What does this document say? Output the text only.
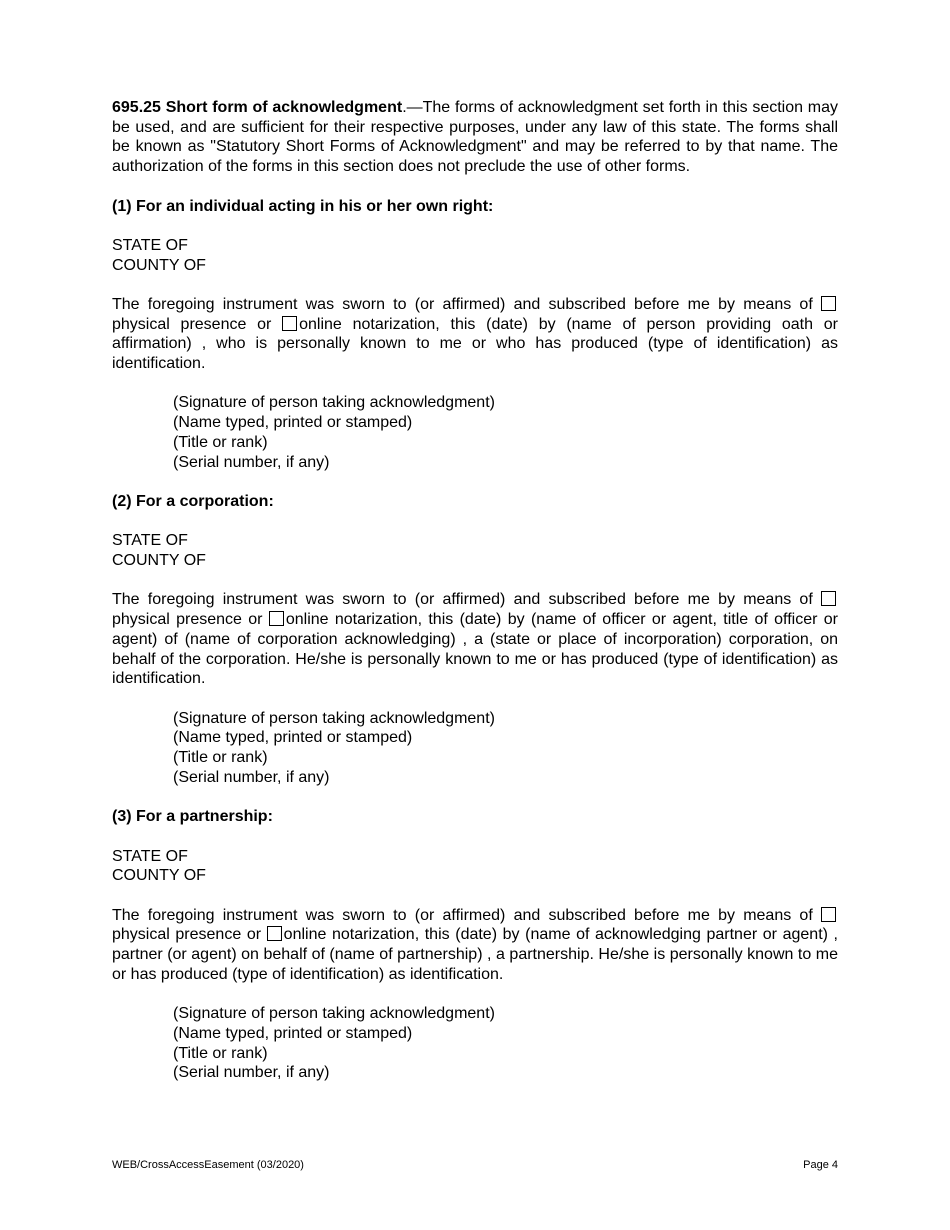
695.25 Short form of acknowledgment.—The forms of acknowledgment set forth in this section may be used, and are sufficient for their respective purposes, under any law of this state. The forms shall be known as "Statutory Short Forms of Acknowledgment" and may be referred to by that name. The authorization of the forms in this section does not preclude the use of other forms.

(1) For an individual acting in his or her own right:

STATE OF
COUNTY OF

The foregoing instrument was sworn to (or affirmed) and subscribed before me by means of physical presence or online notarization, this (date) by (name of person providing oath or affirmation) , who is personally known to me or who has produced (type of identification) as identification.

(Signature of person taking acknowledgment)
(Name typed, printed or stamped)
(Title or rank)
(Serial number, if any)

(2) For a corporation:

STATE OF
COUNTY OF

The foregoing instrument was sworn to (or affirmed) and subscribed before me by means of physical presence or online notarization, this (date) by (name of officer or agent, title of officer or agent) of (name of corporation acknowledging) , a (state or place of incorporation) corporation, on behalf of the corporation. He/she is personally known to me or has produced (type of identification) as identification.

(Signature of person taking acknowledgment)
(Name typed, printed or stamped)
(Title or rank)
(Serial number, if any)

(3) For a partnership:

STATE OF
COUNTY OF

The foregoing instrument was sworn to (or affirmed) and subscribed before me by means of physical presence or online notarization, this (date) by (name of acknowledging partner or agent) , partner (or agent) on behalf of (name of partnership) , a partnership. He/she is personally known to me or has produced (type of identification) as identification.

(Signature of person taking acknowledgment)
(Name typed, printed or stamped)
(Title or rank)
(Serial number, if any)
WEB/CrossAccessEasement (03/2020)	Page 4
